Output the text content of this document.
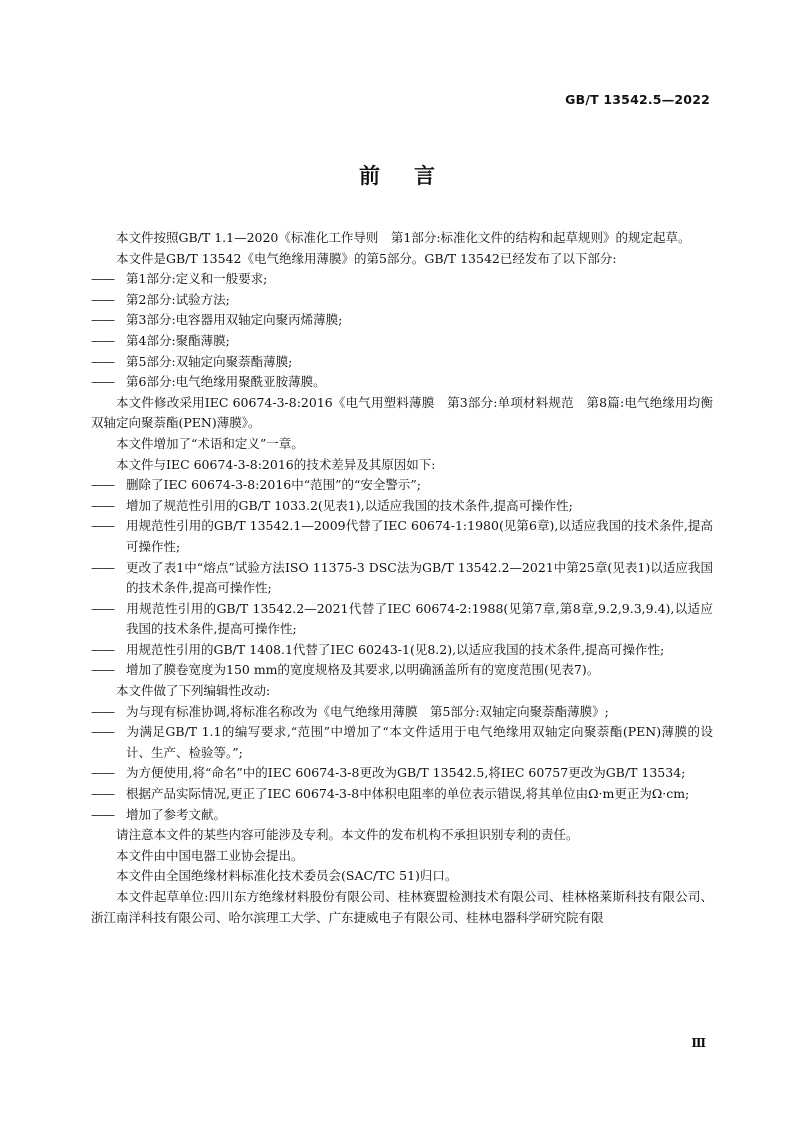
GB/T 13542.5—2022
前言

本文件按照GB/T 1.1—2020《标准化工作导则　第1部分:标准化文件的结构和起草规则》的规定起草。

本文件是GB/T 13542《电气绝缘用薄膜》的第5部分。GB/T 13542已经发布了以下部分:

——第1部分:定义和一般要求;

——第2部分:试验方法;

——第3部分:电容器用双轴定向聚丙烯薄膜;

——第4部分:聚酯薄膜;

——第5部分:双轴定向聚萘酯薄膜;

——第6部分:电气绝缘用聚酰亚胺薄膜。

本文件修改采用IEC 60674-3-8:2016《电气用塑料薄膜　第3部分:单项材料规范　第8篇:电气绝缘用均衡双轴定向聚萘酯(PEN)薄膜》。

本文件增加了“术语和定义”一章。

本文件与IEC 60674-3-8:2016的技术差异及其原因如下:

——删除了IEC 60674-3-8:2016中“范围”的“安全警示”;

——增加了规范性引用的GB/T 1033.2(见表1),以适应我国的技术条件,提高可操作性;

——用规范性引用的GB/T 13542.1—2009代替了IEC 60674-1:1980(见第6章),以适应我国的技术条件,提高可操作性;

——更改了表1中“熔点”试验方法ISO 11375-3 DSC法为GB/T 13542.2—2021中第25章(见表1)以适应我国的技术条件,提高可操作性;

——用规范性引用的GB/T 13542.2—2021代替了IEC 60674-2:1988(见第7章,第8章,9.2,9.3,9.4),以适应我国的技术条件,提高可操作性;

——用规范性引用的GB/T 1408.1代替了IEC 60243-1(见8.2),以适应我国的技术条件,提高可操作性;

——增加了膜卷宽度为150 mm的宽度规格及其要求,以明确涵盖所有的宽度范围(见表7)。

本文件做了下列编辑性改动:

——为与现有标准协调,将标准名称改为《电气绝缘用薄膜　第5部分:双轴定向聚萘酯薄膜》;

——为满足GB/T 1.1的编写要求,“范围”中增加了“本文件适用于电气绝缘用双轴定向聚萘酯(PEN)薄膜的设计、生产、检验等。”;

——为方便使用,将“命名”中的IEC 60674-3-8更改为GB/T 13542.5,将IEC 60757更改为GB/T 13534;

——根据产品实际情况,更正了IEC 60674-3-8中体积电阻率的单位表示错误,将其单位由Ω·m更正为Ω·cm;

——增加了参考文献。

请注意本文件的某些内容可能涉及专利。本文件的发布机构不承担识别专利的责任。

本文件由中国电器工业协会提出。

本文件由全国绝缘材料标准化技术委员会(SAC/TC 51)归口。

本文件起草单位:四川东方绝缘材料股份有限公司、桂林赛盟检测技术有限公司、桂林格莱斯科技有限公司、浙江南洋科技有限公司、哈尔滨理工大学、广东捷威电子有限公司、桂林电器科学研究院有限

Ⅲ
